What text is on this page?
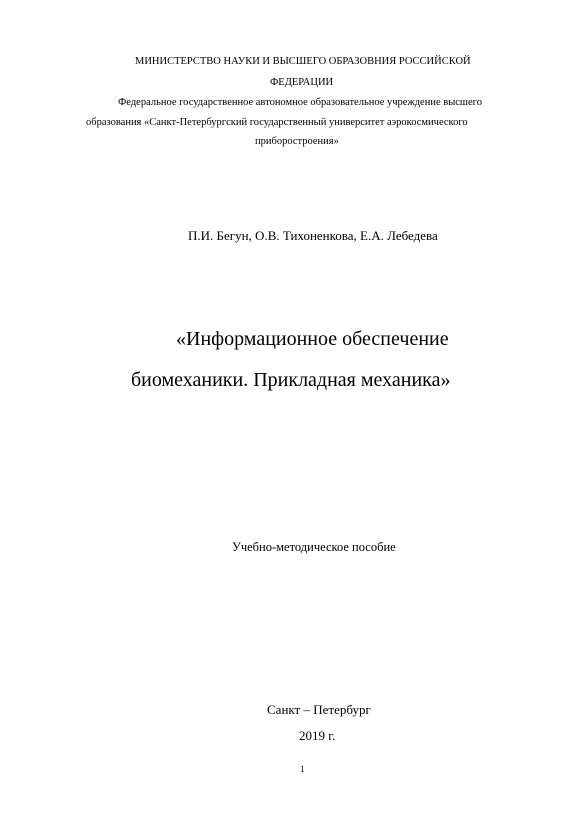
МИНИСТЕРСТВО НАУКИ И ВЫСШЕГО ОБРАЗОВНИЯ РОССИЙСКОЙ
ФЕДЕРАЦИИ
Федеральное государственное автономное образовательное учреждение высшего
образования «Санкт-Петербургский государственный университет аэрокосмического
приборостроения»
П.И. Бегун, О.В. Тихоненкова, Е.А. Лебедева
«Информационное обеспечение
биомеханики. Прикладная механика»
Учебно-методическое пособие
Санкт – Петербург
2019 г.
1
